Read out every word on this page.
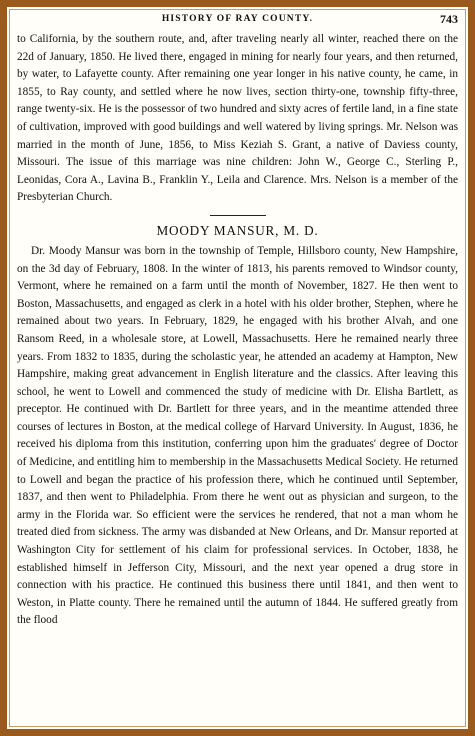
HISTORY OF RAY COUNTY.	743

to California, by the southern route, and, after traveling nearly all winter, reached there on the 22d of January, 1850. He lived there, engaged in mining for nearly four years, and then returned, by water, to Lafayette county. After remaining one year longer in his native county, he came, in 1855, to Ray county, and settled where he now lives, section thirty-one, township fifty-three, range twenty-six. He is the possessor of two hundred and sixty acres of fertile land, in a fine state of cultivation, improved with good buildings and well watered by living springs. Mr. Nelson was married in the month of June, 1856, to Miss Keziah S. Grant, a native of Daviess county, Missouri. The issue of this marriage was nine children: John W., George C., Sterling P., Leonidas, Cora A., Lavina B., Franklin Y., Leila and Clarence. Mrs. Nelson is a member of the Presbyterian Church.

MOODY MANSUR, M. D.

Dr. Moody Mansur was born in the township of Temple, Hillsboro county, New Hampshire, on the 3d day of February, 1808. In the winter of 1813, his parents removed to Windsor county, Vermont, where he remained on a farm until the month of November, 1827. He then went to Boston, Massachusetts, and engaged as clerk in a hotel with his older brother, Stephen, where he remained about two years. In February, 1829, he engaged with his brother Alvah, and one Ransom Reed, in a wholesale store, at Lowell, Massachusetts. Here he remained nearly three years. From 1832 to 1835, during the scholastic year, he attended an academy at Hampton, New Hampshire, making great advancement in English literature and the classics. After leaving this school, he went to Lowell and commenced the study of medicine with Dr. Elisha Bartlett, as preceptor. He continued with Dr. Bartlett for three years, and in the meantime attended three courses of lectures in Boston, at the medical college of Harvard University. In August, 1836, he received his diploma from this institution, conferring upon him the graduates' degree of Doctor of Medicine, and entitling him to membership in the Massachusetts Medical Society. He returned to Lowell and began the practice of his profession there, which he continued until September, 1837, and then went to Philadelphia. From there he went out as physician and surgeon, to the army in the Florida war. So efficient were the services he rendered, that not a man whom he treated died from sickness. The army was disbanded at New Orleans, and Dr. Mansur reported at Washington City for settlement of his claim for professional services. In October, 1838, he established himself in Jefferson City, Missouri, and the next year opened a drug store in connection with his practice. He continued this business there until 1841, and then went to Weston, in Platte county. There he remained until the autumn of 1844. He suffered greatly from the flood
